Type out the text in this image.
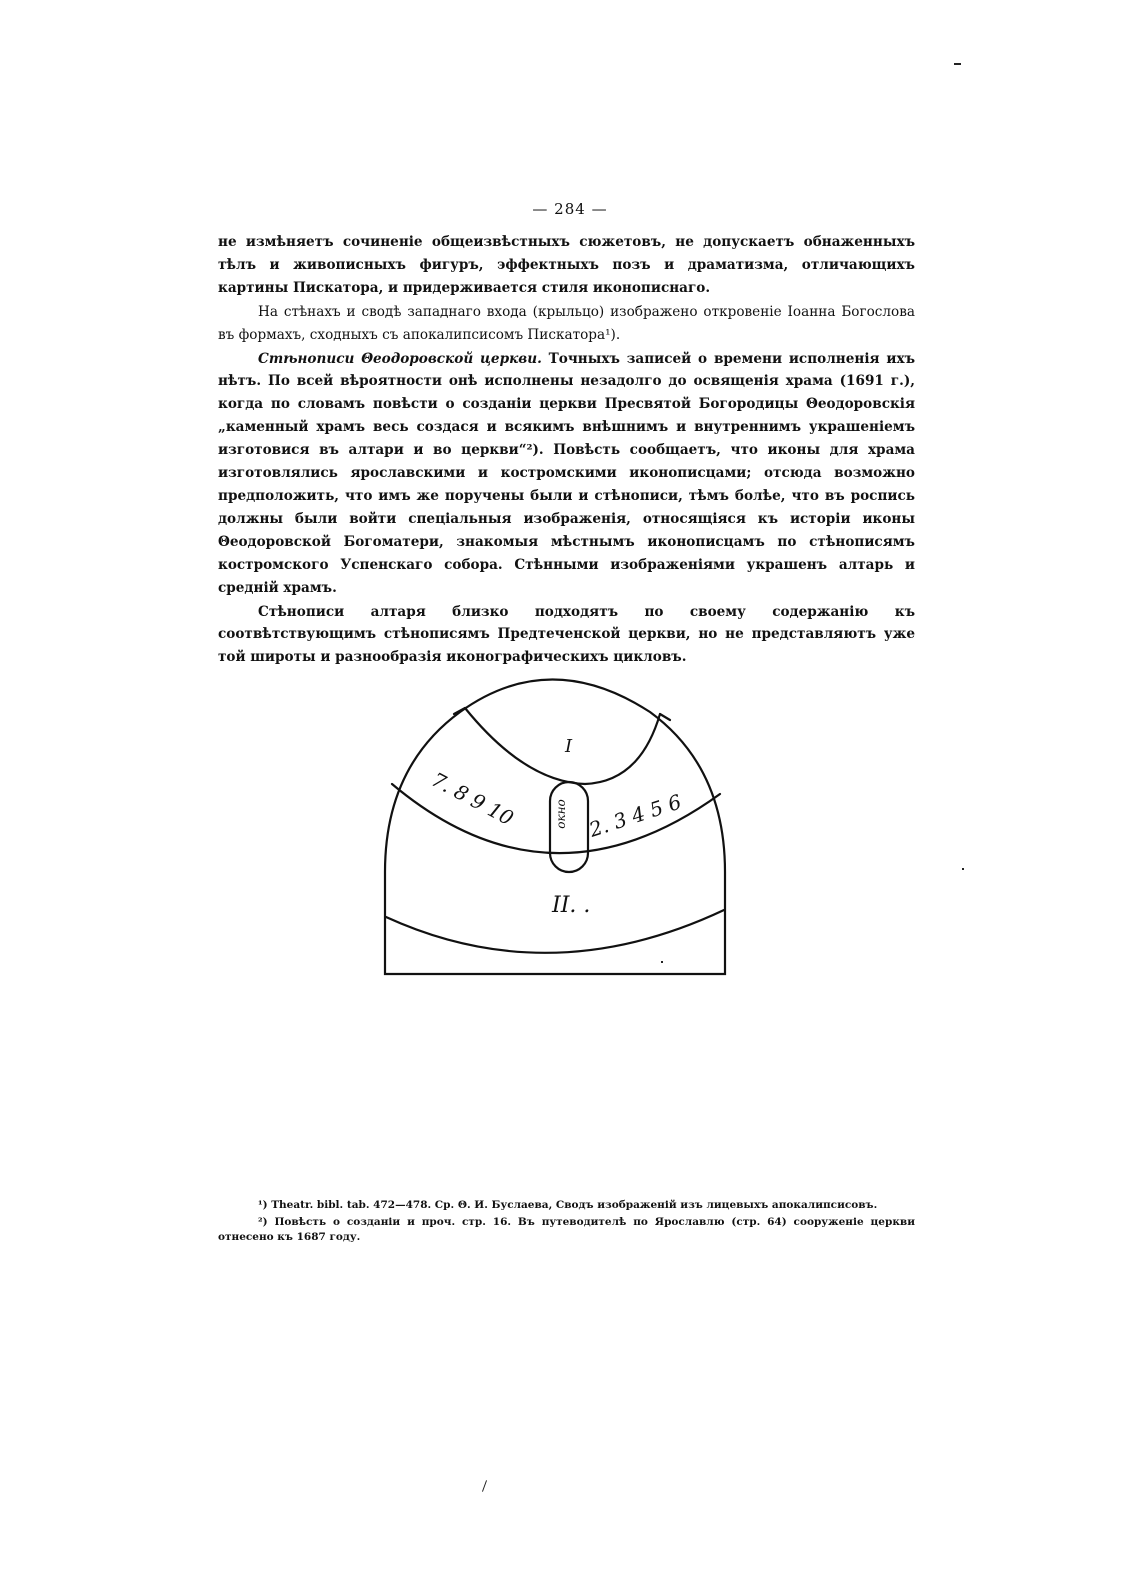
— 284 —

не измѣняетъ сочиненіе общеизвѣстныхъ сюжетовъ, не допускаетъ обнаженныхъ тѣлъ и живописныхъ фигуръ, эффектныхъ позъ и драматизма, отличающихъ картины Пискатора, и придерживается стиля иконописнаго.

На стѣнахъ и сводѣ западнаго входа (крыльцо) изображено откровеніе Іоанна Богослова въ формахъ, сходныхъ съ апокалипсисомъ Пискатора¹).

Стѣнописи Θеодоровской церкви. Точныхъ записей о времени исполненія ихъ нѣтъ. По всей вѣроятности онѣ исполнены незадолго до освященія храма (1691 г.), когда по словамъ повѣсти о созданіи церкви Пресвятой Богородицы Θеодоровскія „каменный храмъ весь создася и всякимъ внѣшнимъ и внутреннимъ украшеніемъ изготовися въ алтари и во церкви“²). Повѣсть сообщаетъ, что иконы для храма изготовлялись ярославскими и костромскими иконописцами; отсюда возможно предположить, что имъ же поручены были и стѣнописи, тѣмъ болѣе, что въ роспись должны были войти спеціальныя изображенія, относящіяся къ исторіи иконы Θеодоровской Богоматери, знакомыя мѣстнымъ иконописцамъ по стѣнописямъ костромского Успенскаго собора. Стѣнными изображеніями украшенъ алтарь и средній храмъ.

Стѣнописи алтаря близко подходятъ по своему содержанію къ соотвѣтствующимъ стѣнописямъ Предтеченской церкви, но не представляютъ уже той широты и разнообразія иконографическихъ цикловъ.

I
7. 8 9 10	2. 3 4 5 6
окно
II. .

¹) Theatr. bibl. tab. 472—478. Ср. Θ. И. Буслаева, Сводъ изображеній изъ лицевыхъ апокалипсисовъ.

²) Повѣсть о созданіи и проч. стр. 16. Въ путеводителѣ по Ярославлю (стр. 64) сооруженіе церкви отнесено къ 1687 году.
